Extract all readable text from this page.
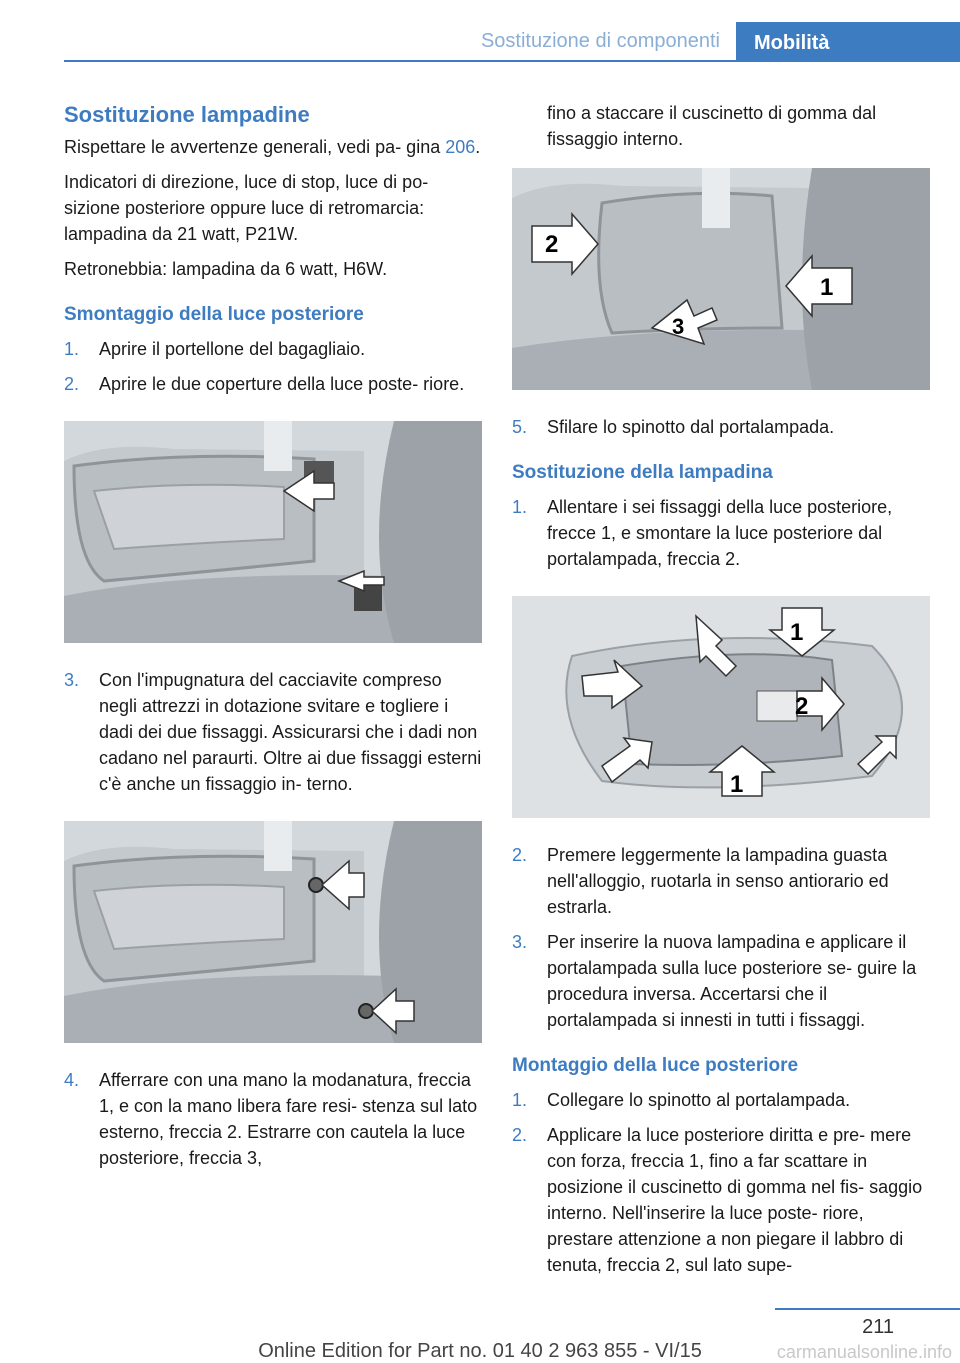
Sostituzione di componenti	Mobilità
Sostituzione lampadine

Rispettare le avvertenze generali, vedi pa‐ gina 206.

Indicatori di direzione, luce di stop, luce di po‐ sizione posteriore oppure luce di retromarcia: lampadina da 21 watt, P21W.

Retronebbia: lampadina da 6 watt, H6W.

Smontaggio della luce posteriore
1. Aprire il portellone del bagagliaio.
2. Aprire le due coperture della luce poste‐ riore.
3. Con l'impugnatura del cacciavite compreso negli attrezzi in dotazione svitare e togliere i dadi dei due fissaggi. Assicurarsi che i dadi non cadano nel paraurti. Oltre ai due fissaggi esterni c'è anche un fissaggio in‐ terno.
4. Afferrare con una mano la modanatura, freccia 1, e con la mano libera fare resi‐ stenza sul lato esterno, freccia 2. Estrarre con cautela la luce posteriore, freccia 3,
fino a staccare il cuscinetto di gomma dal fissaggio interno.
2
1
3
5. Sfilare lo spinotto dal portalampada.
Sostituzione della lampadina
1. Allentare i sei fissaggi della luce posteriore, frecce 1, e smontare la luce posteriore dal portalampada, freccia 2.
1
1
2
2. Premere leggermente la lampadina guasta nell'alloggio, ruotarla in senso antiorario ed estrarla.
3. Per inserire la nuova lampadina e applicare il portalampada sulla luce posteriore se‐ guire la procedura inversa. Accertarsi che il portalampada si innesti in tutti i fissaggi.
Montaggio della luce posteriore
1. Collegare lo spinotto al portalampada.
2. Applicare la luce posteriore diritta e pre‐ mere con forza, freccia 1, fino a far scattare in posizione il cuscinetto di gomma nel fis‐ saggio interno. Nell'inserire la luce poste‐ riore, prestare attenzione a non piegare il labbro di tenuta, freccia 2, sul lato supe‐
211
Online Edition for Part no. 01 40 2 963 855 - VI/15	carmanualsonline.info
